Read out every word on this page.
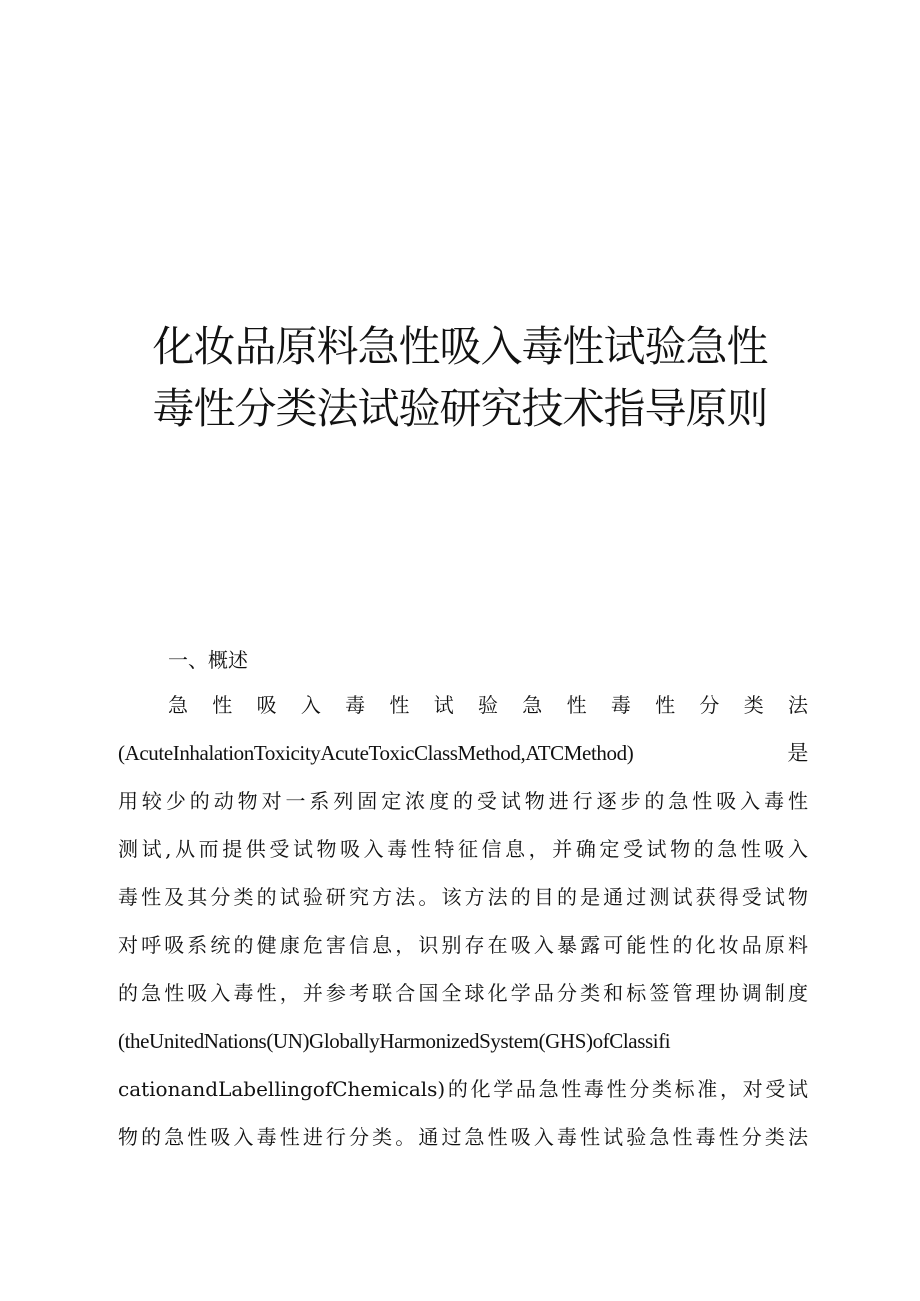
化妆品原料急性吸入毒性试验急性
毒性分类法试验研究技术指导原则
一、概述
急性吸入毒性试验急性毒性分类法
(AcuteInhalationToxicityAcuteToxicClassMethod,ATCMethod) 是
用较少的动物对一系列固定浓度的受试物进行逐步的急性吸入毒性
测试,从而提供受试物吸入毒性特征信息，并确定受试物的急性吸入
毒性及其分类的试验研究方法。该方法的目的是通过测试获得受试物
对呼吸系统的健康危害信息，识别存在吸入暴露可能性的化妆品原料
的急性吸入毒性，并参考联合国全球化学品分类和标签管理协调制度
(theUnitedNations(UN)GloballyHarmonizedSystem(GHS)ofClassifi
cationandLabellingofChemicals)的化学品急性毒性分类标准，对受试
物的急性吸入毒性进行分类。通过急性吸入毒性试验急性毒性分类法
